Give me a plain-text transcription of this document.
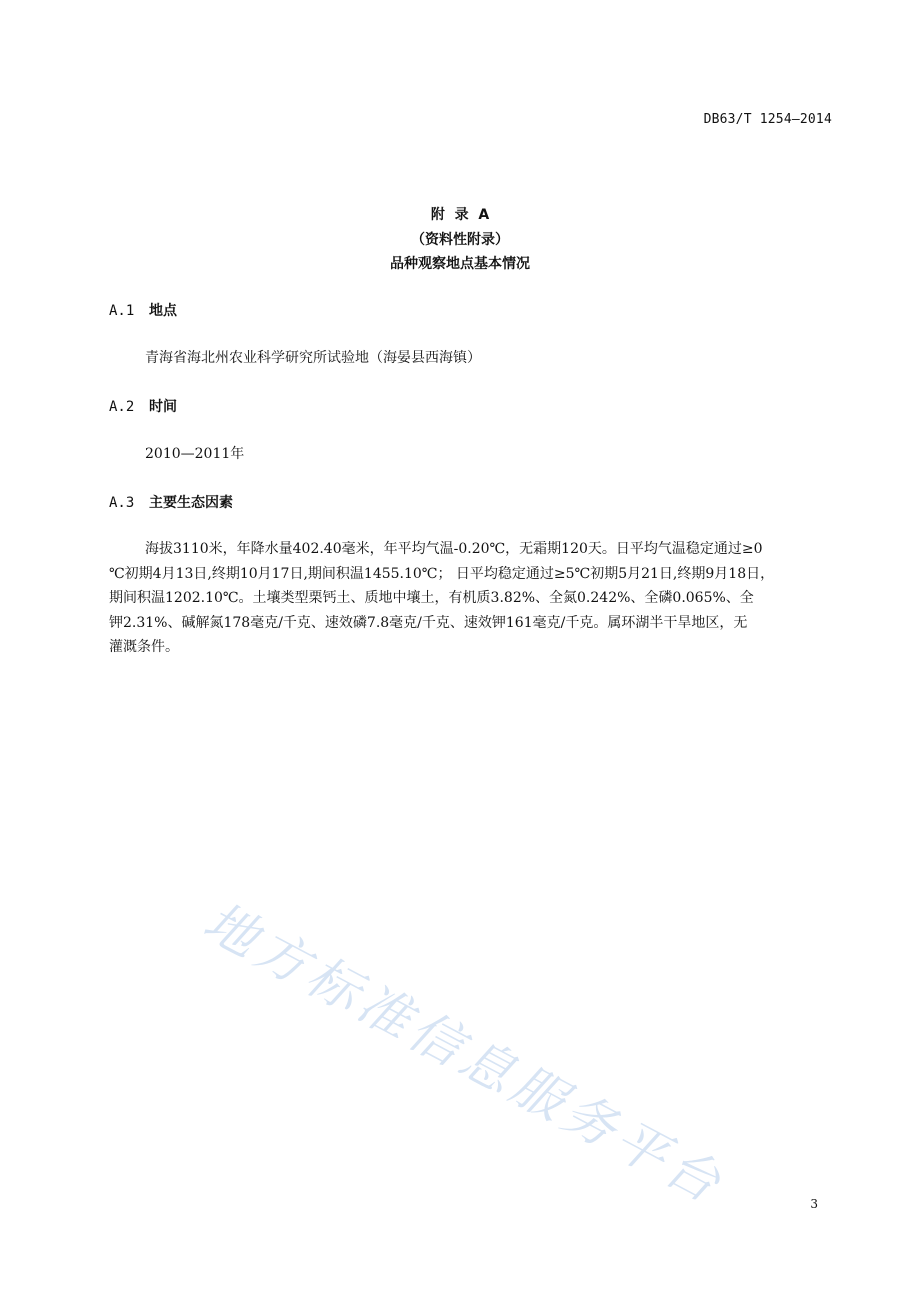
DB63/T 1254—2014
附  录  A
（资料性附录）
品种观察地点基本情况
A.1 地点
青海省海北州农业科学研究所试验地（海晏县西海镇）
A.2 时间
2010—2011年
A.3 主要生态因素
海拔3110米，年降水量402.40毫米，年平均气温-0.20℃，无霜期120天。日平均气温稳定通过≥0
℃初期4月13日,终期10月17日,期间积温1455.10℃； 日平均稳定通过≥5℃初期5月21日,终期9月18日，
期间积温1202.10℃。土壤类型栗钙土、质地中壤土，有机质3.82%、全氮0.242%、全磷0.065%、全
钾2.31%、碱解氮178毫克/千克、速效磷7.8毫克/千克、速效钾161毫克/千克。属环湖半干旱地区，无
灌溉条件。
地方标准信息服务平台	3
